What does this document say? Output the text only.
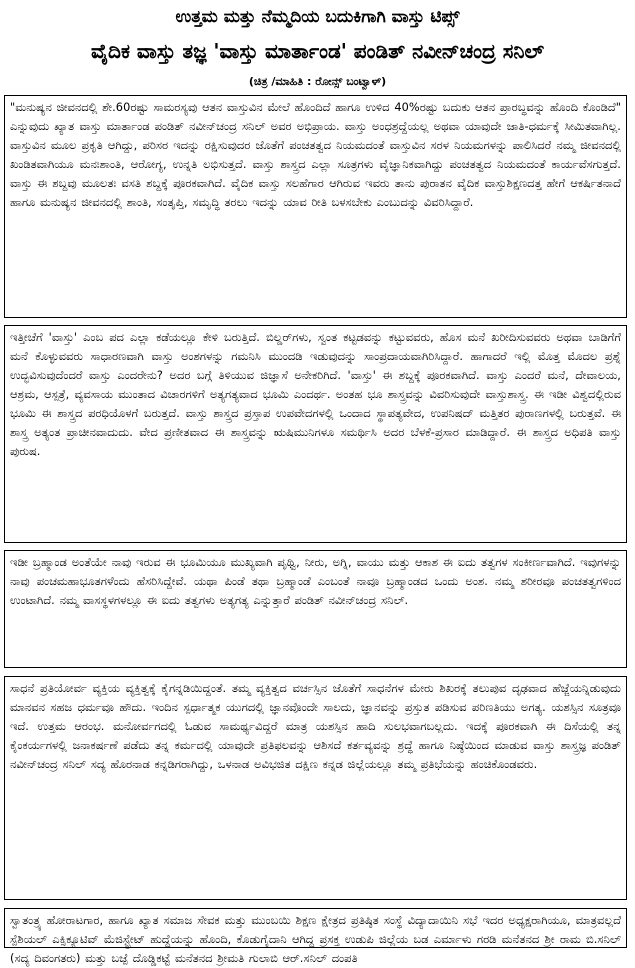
ಉತ್ತಮ ಮತ್ತು ನೆಮ್ಮದಿಯ ಬದುಕಿಗಾಗಿ ವಾಸ್ತು ಟಿಪ್ಸ್
ವೈದಿಕ ವಾಸ್ತು ತಜ್ಞ 'ವಾಸ್ತು ಮಾರ್ತಾಂಡ' ಪಂಡಿತ್ ನವೀನ್‌ಚಂದ್ರ ಸನಿಲ್
(ಚಿತ್ರ /ಮಾಹಿತಿ : ರೋನ್ಸ್ ಬಂಟ್ವಾಳ್)

"ಮನುಷ್ಯನ ಜೀವನದಲ್ಲಿ ಶೇ.60ರಷ್ಟು ಸಾಮರಸ್ಯವು ಆತನ ವಾಸ್ತುವಿನ ಮೇಲೆ ಹೊಂದಿದೆ ಹಾಗೂ ಉಳಿದ 40%ರಷ್ಟು ಬದುಕು ಆತನ ಪ್ರಾರಬ್ಧವನ್ನು ಹೊಂದಿ ಕೊಂಡಿದೆ" ಎನ್ನುವುದು ಖ್ಯಾತ ವಾಸ್ತು ಮಾರ್ತಾಂಡ ಪಂಡಿತ್ ನವೀನ್‌ಚಂದ್ರ ಸನಿಲ್ ಅವರ ಅಭಿಪ್ರಾಯ. ವಾಸ್ತು ಅಂಧಶ್ರದ್ದೆಯಲ್ಲ ಅಥವಾ ಯಾವುದೇ ಜಾತಿ-ಧರ್ಮಕ್ಕೆ ಸೀಮಿತವಾಗಿಲ್ಲ. ವಾಸ್ತುವಿನ ಮೂಲ ಪ್ರಕೃತಿ ಆಗಿದ್ದು, ಪರಿಸರ ಇದನ್ನು ರಕ್ಷಿಸುವುದರ ಜೊತೆಗೆ ಪಂಚತತ್ವದ ನಿಯಮದಂತೆ ವಾಸ್ತುವಿನ ಸರಳ ನಿಯಮಗಳನ್ನು ಪಾಲಿಸಿದರೆ ನಮ್ಮ ಜೀವನದಲ್ಲಿ ಖಂಡಿತವಾಗಿಯೂ ಮನಃಶಾಂತಿ, ಆರೋಗ್ಯ, ಉನ್ನತಿ ಲಭಿಸುತ್ತದೆ. ವಾಸ್ತು ಶಾಸ್ತ್ರದ ಎಲ್ಲಾ ಸೂತ್ರಗಳು ವೈಜ್ಞಾನಿಕವಾಗಿದ್ದು ಪಂಚತತ್ವದ ನಿಯಮದಂತೆ ಕಾರ್ಯವೆಸಗುತ್ತದೆ. ವಾಸ್ತು ಈ ಶಬ್ದವು ಮೂಲತಃ ವಸತಿ ಶಬ್ದಕ್ಕೆ ಪೂರಕವಾಗಿದೆ. ವೈದಿಕ ವಾಸ್ತು ಸಲಹೆಗಾರ ಆಗಿರುವ ಇವರು ತಾನು ಪುರಾತನ ವೈದಿಕ ವಾಸ್ತುಶಿಕ್ಷಣದತ್ತ ಹೇಗೆ ಆಕರ್ಷಿತನಾದೆ ಹಾಗೂ ಮನುಷ್ಯನ ಜೀವನದಲ್ಲಿ ಶಾಂತಿ, ಸಂತೃಪ್ತಿ, ಸಮೃದ್ಧಿ ತರಲು ಇದನ್ನು ಯಾವ ರೀತಿ ಬಳಸಬೇಕು ಎಂಬುದನ್ನು ವಿವರಿಸಿದ್ದಾರೆ.

ಇತ್ತೀಚೆಗೆ 'ವಾಸ್ತು' ಎಂಬ ಪದ ಎಲ್ಲಾ ಕಡೆಯಲ್ಲೂ ಕೇಳಿ ಬರುತ್ತಿದೆ. ಬಿಲ್ಡರ್‌ಗಳು, ಸ್ವಂತ ಕಟ್ಟಡವನ್ನು ಕಟ್ಟುವವರು, ಹೊಸ ಮನೆ ಖರೀದಿಸುವವರು ಅಥವಾ ಬಾಡಿಗೆಗೆ ಮನೆ ಕೊಳ್ಳುವವರು ಸಾಧಾರಣವಾಗಿ ವಾಸ್ತು ಅಂಶಗಳನ್ನು ಗಮನಿಸಿ ಮುಂದಡಿ ಇಡುವುದನ್ನು ಸಾಂಪ್ರದಾಯವಾಗಿರಿಸಿದ್ದಾರೆ. ಹಾಗಾದರೆ ಇಲ್ಲಿ ಮೊತ್ತ ಮೊದಲ ಪ್ರಶ್ನೆ ಉದ್ಭವಿಸುವುದೆಂದರೆ ವಾಸ್ತು ಎಂದರೇನು? ಅದರ ಬಗ್ಗೆ ತಿಳಿಯುವ ಜಿಜ್ಞಾಸೆ ಅನೇಕರಿಗಿದೆ. 'ವಾಸ್ತು' ಈ ಶಬ್ದಕ್ಕೆ ಪೂರಕವಾಗಿದೆ. ವಾಸ್ತು ಎಂದರೆ ಮನೆ, ದೇವಾಲಯ, ಆಶ್ರಮ, ಆಸ್ಪತ್ರೆ, ವ್ಯವಸಾಯ ಮುಂತಾದ ವಿಚಾರಗಳಿಗೆ ಅತ್ಯಗತ್ಯವಾದ ಭೂಮಿ ಎಂದರ್ಥ. ಅಂತಹ ಭೂ ಶಾಸ್ತ್ರವನ್ನು ವಿವರಿಸುವುದೇ ವಾಸ್ತುಶಾಸ್ತ್ರ. ಈ ಇಡೀ ವಿಶ್ವದಲ್ಲಿರುವ ಭೂಮಿ ಈ ಶಾಸ್ತ್ರದ ಪರಧಿಯೊಳಗೆ ಬರುತ್ತದೆ. ವಾಸ್ತು ಶಾಸ್ತ್ರದ ಪ್ರಸ್ತಾಪ ಉಪವೇದಗಳಲ್ಲಿ ಒಂದಾದ ಸ್ಥಾಪತ್ಯವೇದ, ಉಪನಿಷದ್ ಮತ್ತಿತರ ಪುರಾಣಗಳಲ್ಲಿ ಬರುತ್ತವೆ. ಈ ಶಾಸ್ತ್ರ ಅತ್ಯಂತ ಪ್ರಾಚೀನವಾದುದು. ವೇದ ಪ್ರಣೀತವಾದ ಈ ಶಾಸ್ತ್ರವನ್ನು ಋಷಿಮುನಿಗಳೂ ಸಮರ್ಥಿಸಿ ಅದರ ಬೆಳಕೆ-ಪ್ರಸಾರ ಮಾಡಿದ್ದಾರೆ. ಈ ಶಾಸ್ತ್ರದ ಅಧಿಪತಿ ವಾಸ್ತು ಪುರುಷ.

ಇಡೀ ಬ್ರಹ್ಮಾಂಡ ಅಂತೆಯೇ ನಾವು ಇರುವ ಈ ಭೂಮಿಯೂ ಮುಖ್ಯವಾಗಿ ಪೃಥ್ವಿ, ನೀರು, ಅಗ್ನಿ, ವಾಯು ಮತ್ತು ಆಕಾಶ ಈ ಐದು ತತ್ವಗಳ ಸಂಕೀರ್ಣವಾಗಿದೆ. ಇವುಗಳನ್ನು ನಾವು ಪಂಚಮಹಾಭೂತಗಳೆಂದು ಹೆಸರಿಸಿದ್ದೇವೆ. ಯಥಾ ಪಿಂಡೆ ತಥಾ ಬ್ರಹ್ಮಾಂಡೆ ಎಂಬಂತೆ ನಾವೂ ಬ್ರಹ್ಮಾಂಡದ ಒಂದು ಅಂಶ. ನಮ್ಮ ಶರೀರವೂ ಪಂಚತತ್ವಗಳಿಂದ ಉಂಟಾಗಿದೆ. ನಮ್ಮ ವಾಸಸ್ಥಳಗಳಲ್ಲೂ ಈ ಐದು ತತ್ವಗಳು ಅತ್ಯಗತ್ಯ ಎನ್ನುತ್ತಾರೆ ಪಂಡಿತ್ ನವೀನ್‌ಚಂದ್ರ ಸನಿಲ್.

ಸಾಧನೆ ಪ್ರತಿಯೋರ್ವ ವ್ಯಕ್ತಿಯ ವ್ಯಕ್ತಿತ್ವಕ್ಕೆ ಕೈಗನ್ನಡಿಯಿದ್ದಂತೆ. ತಮ್ಮ ವ್ಯಕ್ತಿತ್ವದ ವರ್ಚಸ್ಸಿನ ಜೊತೆಗೆ ಸಾಧನೆಗಳ ಮೇರು ಶಿಖರಕ್ಕೆ ತಲುಪುವ ದೃಢವಾದ ಹೆಜ್ಜೆಯನ್ನಿಡುವುದು ಮಾನವನ ಸಹಜ ಧರ್ಮವೂ ಹೌದು. ಇಂದಿನ ಸ್ಪರ್ಧಾತ್ಮಕ ಯುಗದಲ್ಲಿ ಜ್ಞಾನವೊಂದೇ ಸಾಲದು, ಜ್ಞಾನವನ್ನು ಪ್ರಸ್ತುತ ಪಡಿಸುವ ಪರಿಣತಿಯು ಅಗತ್ಯ. ಯಶಸ್ಸಿನ ಸೂತ್ರವೂ ಇದೆ. ಉತ್ತಮ ಆರಂಭ. ಮನೋರ್ವಗದಲ್ಲಿ ಓಡುವ ಸಾಮರ್ಥ್ಯವಿದ್ದರೆ ಮಾತ್ರ ಯಶಸ್ಸಿನ ಹಾದಿ ಸುಲಭವಾಗಬಲ್ಲದು. ಇದಕ್ಕೆ ಪೂರಕವಾಗಿ ಈ ದಿಸೆಯಲ್ಲಿ ತನ್ನ ಕೈಂಕರ್ಯಗಳಲ್ಲಿ ಜನಾಕರ್ಷಣೆ ಪಡೆದು ತನ್ನ ಕರ್ಮದಲ್ಲಿ ಯಾವುದೇ ಪ್ರತಿಫಲವನ್ನು ಆಶಿಸದೆ ಕರ್ತವ್ಯವನ್ನು ಶ್ರದ್ಧೆ ಹಾಗೂ ನಿಷ್ಠೆಯಿಂದ ಮಾಡುವ ವಾಸ್ತು ಶಾಸ್ತ್ರಜ್ಞ ಪಂಡಿತ್ ನವೀನ್‌ಚಂದ್ರ ಸನಿಲ್ ಸದ್ಯ ಹೊರನಾಡ ಕನ್ನಡಿಗರಾಗಿದ್ದು, ಒಳನಾಡ ಅವಿಭಜಿತ ದಕ್ಷಿಣ ಕನ್ನಡ ಜಿಲ್ಲೆಯಲ್ಲೂ ತಮ್ಮ ಪ್ರತಿಭೆಯನ್ನು ಹಂಚಿಕೊಂಡವರು.

ಸ್ವಾತಂತ್ರ್ಯ ಹೋರಾಟಗಾರ, ಹಾಗೂ ಖ್ಯಾತ ಸಮಾಜ ಸೇವಕ ಮತ್ತು ಮುಂಬಯಿ ಶಿಕ್ಷಣ ಕ್ಷೇತ್ರದ ಪ್ರತಿಷ್ಠಿತ ಸಂಸ್ಥೆ ವಿದ್ಯಾದಾಯಿನಿ ಸಭೆ ಇದರ ಅಧ್ಯಕ್ಷರಾಗಿಯೂ, ಮಾತ್ರವಲ್ಲದೆ ಸ್ಪೆಶಿಯಲ್ ಎಕ್ಸಿಕ್ಯೂಟಿವ್ ಮೆಜಿಸ್ಟ್ರೇಟ್ ಹುದ್ದೆಯನ್ನು ಹೊಂದಿ, ಕೊಡುಗೈದಾನಿ ಆಗಿದ್ದ ಪ್ರಸಕ್ತ ಉಡುಪಿ ಜಿಲ್ಲೆಯ ಬಡ ಎರ್ಮಾಳು ಗರಡಿ ಮನೆತನದ ಶ್ರೀ ರಾಮ ಬಿ.ಸನಿಲ್ (ಸದ್ಯ ದಿವಂಗತರು) ಮತ್ತು ಬಜ್ಪೆ ದೊಡ್ಡಿಕಟ್ಟೆ ಮನೆತನದ ಶ್ರೀಮತಿ ಗುಲಾಬಿ ಆರ್.ಸನಿಲ್ ದಂಪತಿ
